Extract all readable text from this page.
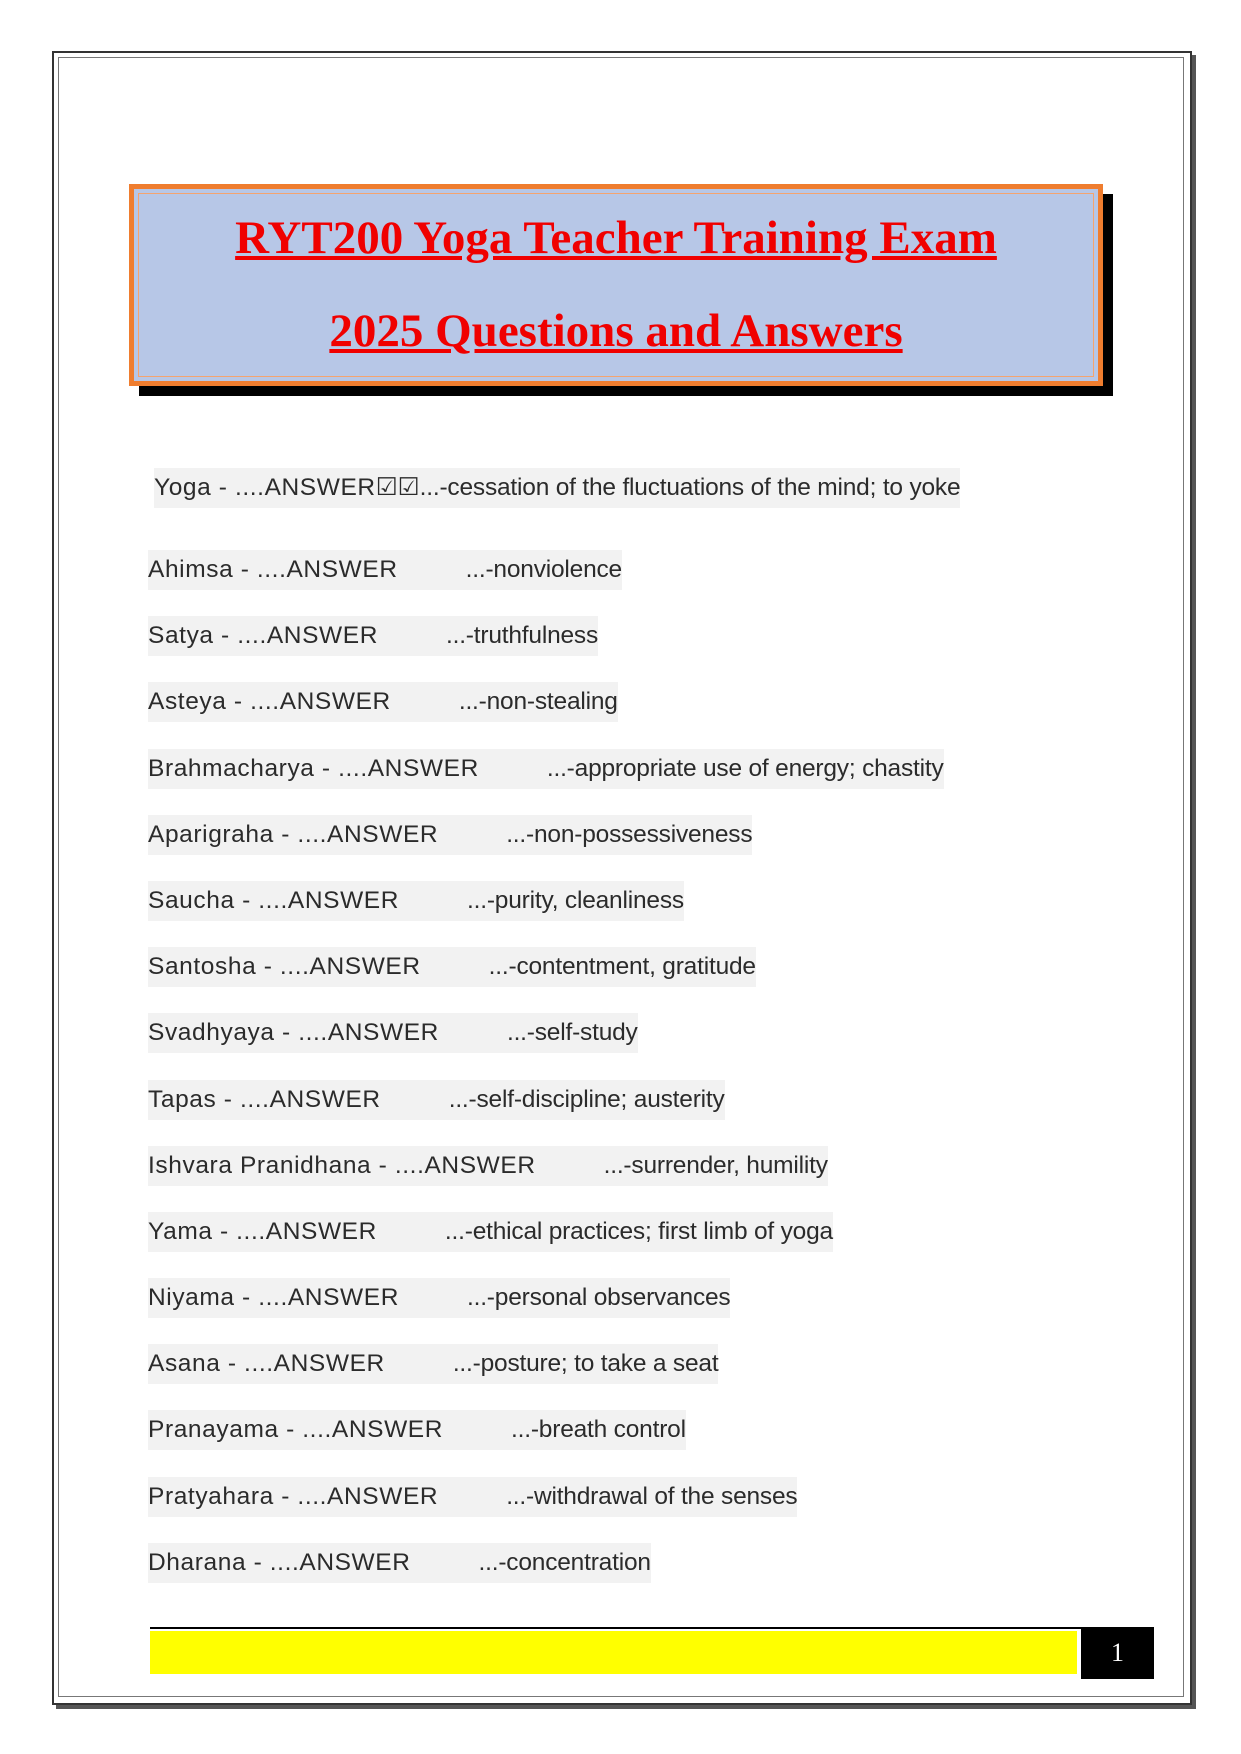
RYT200 Yoga Teacher Training Exam
2025 Questions and Answers
Yoga - ....ANSWER ☑☑ ...-cessation of the fluctuations of the mind; to yoke
Ahimsa - ....ANSWER	...-nonviolence
Satya - ....ANSWER	...-truthfulness
Asteya - ....ANSWER	...-non-stealing
Brahmacharya - ....ANSWER	...-appropriate use of energy; chastity
Aparigraha - ....ANSWER	...-non-possessiveness
Saucha - ....ANSWER	...-purity, cleanliness
Santosha - ....ANSWER	...-contentment, gratitude
Svadhyaya - ....ANSWER	...-self-study
Tapas - ....ANSWER	...-self-discipline; austerity
Ishvara Pranidhana - ....ANSWER	...-surrender, humility
Yama - ....ANSWER	...-ethical practices; first limb of yoga
Niyama - ....ANSWER	...-personal observances
Asana - ....ANSWER	...-posture; to take a seat
Pranayama - ....ANSWER	...-breath control
Pratyahara - ....ANSWER	...-withdrawal of the senses
Dharana - ....ANSWER	...-concentration
1
